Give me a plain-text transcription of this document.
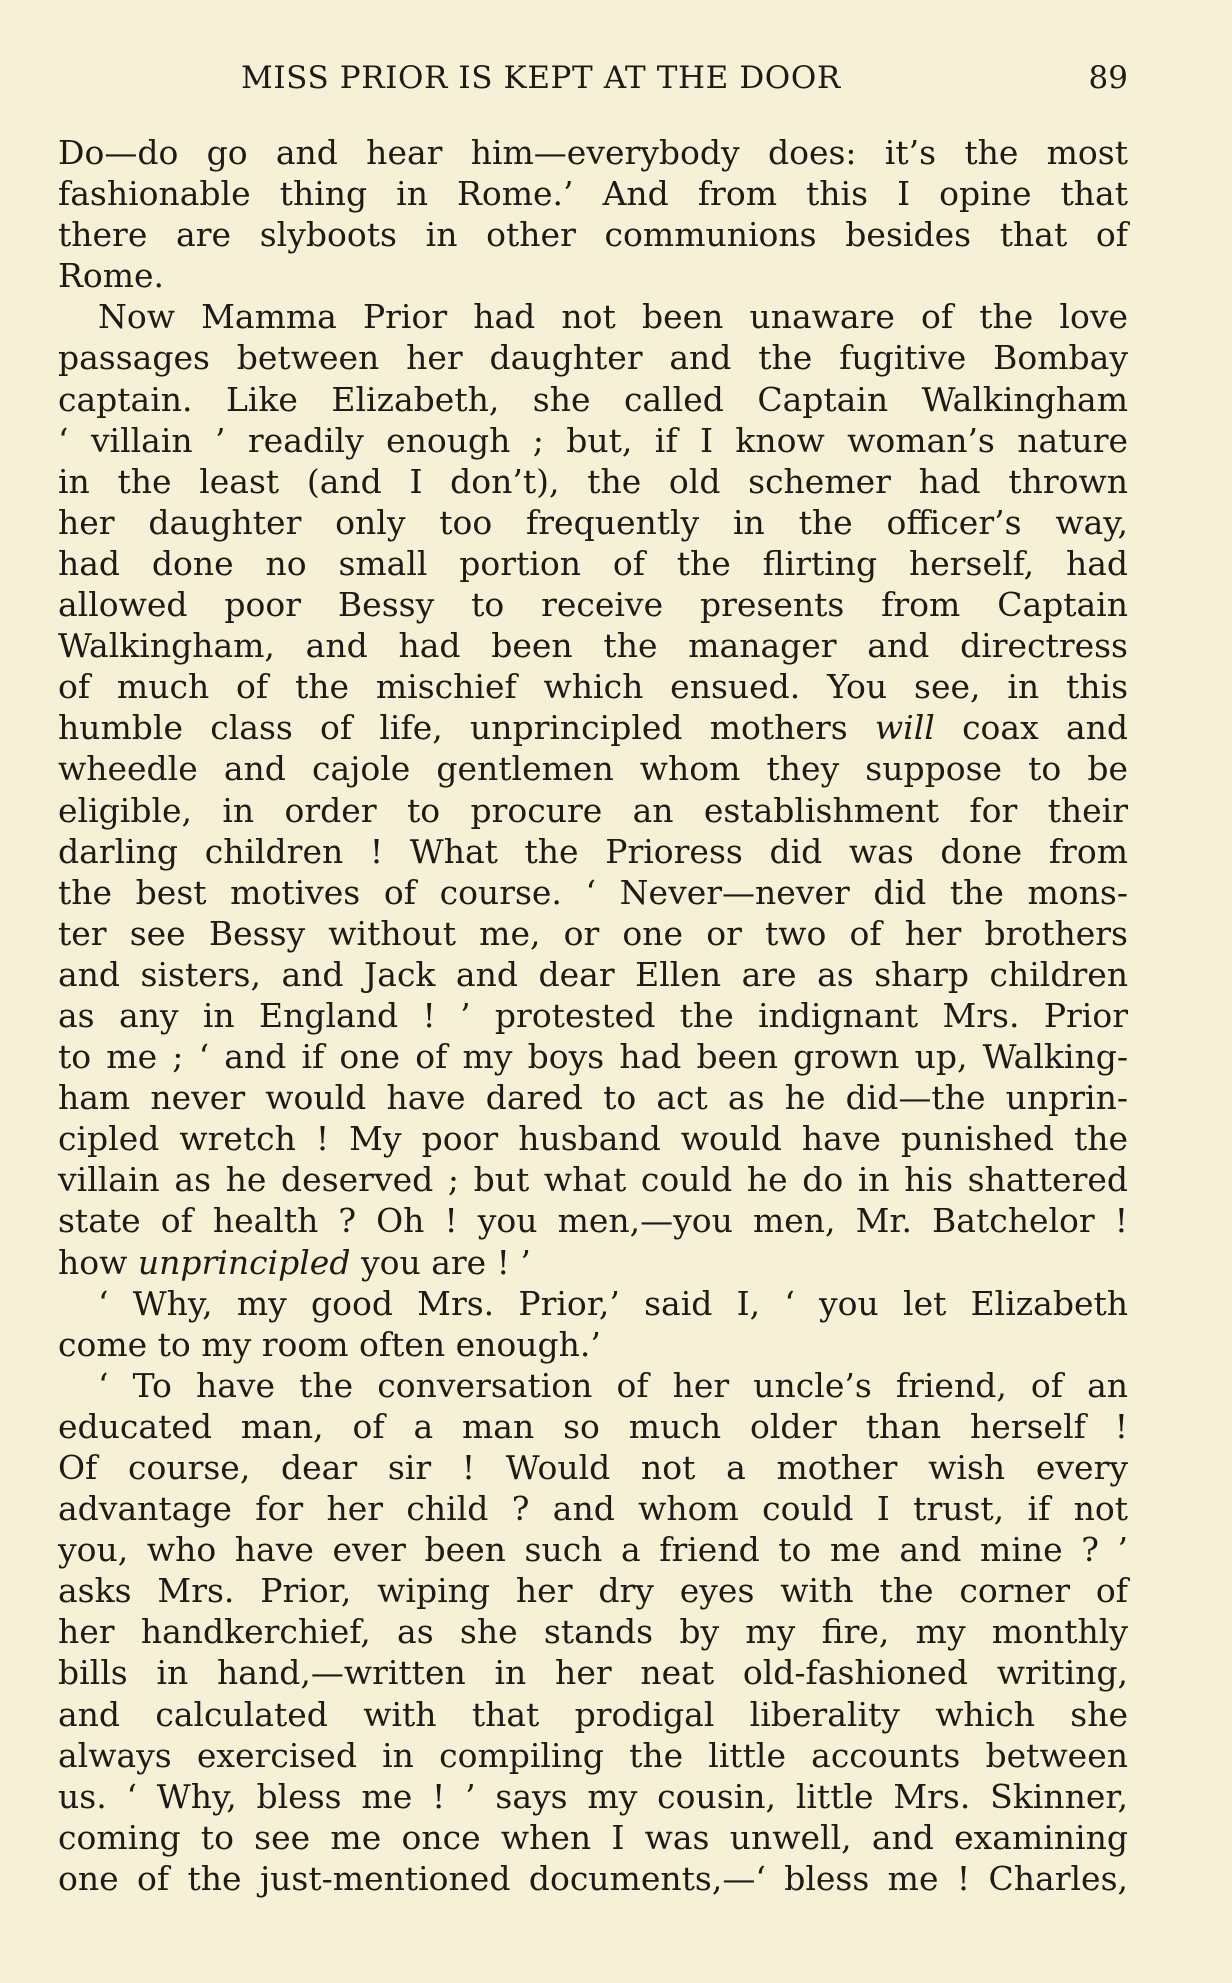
MISS PRIOR IS KEPT AT THE DOOR	89
Do—do go and hear him—everybody does: it’s the most
fashionable thing in Rome.’ And from this I opine that
there are slyboots in other communions besides that of
Rome.
Now Mamma Prior had not been unaware of the love
passages between her daughter and the fugitive Bombay
captain. Like Elizabeth, she called Captain Walkingham
‘ villain ’ readily enough ; but, if I know woman’s nature
in the least (and I don’t), the old schemer had thrown
her daughter only too frequently in the officer’s way,
had done no small portion of the flirting herself, had
allowed poor Bessy to receive presents from Captain
Walkingham, and had been the manager and directress
of much of the mischief which ensued. You see, in this
humble class of life, unprincipled mothers will coax and
wheedle and cajole gentlemen whom they suppose to be
eligible, in order to procure an establishment for their
darling children ! What the Prioress did was done from
the best motives of course. ‘ Never—never did the mons-
ter see Bessy without me, or one or two of her brothers
and sisters, and Jack and dear Ellen are as sharp children
as any in England ! ’ protested the indignant Mrs. Prior
to me ; ‘ and if one of my boys had been grown up, Walking-
ham never would have dared to act as he did—the unprin-
cipled wretch ! My poor husband would have punished the
villain as he deserved ; but what could he do in his shattered
state of health ? Oh ! you men,—you men, Mr. Batchelor !
how unprincipled you are ! ’
‘ Why, my good Mrs. Prior,’ said I, ‘ you let Elizabeth
come to my room often enough.’
‘ To have the conversation of her uncle’s friend, of an
educated man, of a man so much older than herself !
Of course, dear sir ! Would not a mother wish every
advantage for her child ? and whom could I trust, if not
you, who have ever been such a friend to me and mine ? ’
asks Mrs. Prior, wiping her dry eyes with the corner of
her handkerchief, as she stands by my fire, my monthly
bills in hand,—written in her neat old-fashioned writing,
and calculated with that prodigal liberality which she
always exercised in compiling the little accounts between
us. ‘ Why, bless me ! ’ says my cousin, little Mrs. Skinner,
coming to see me once when I was unwell, and examining
one of the just-mentioned documents,—‘ bless me ! Charles,
